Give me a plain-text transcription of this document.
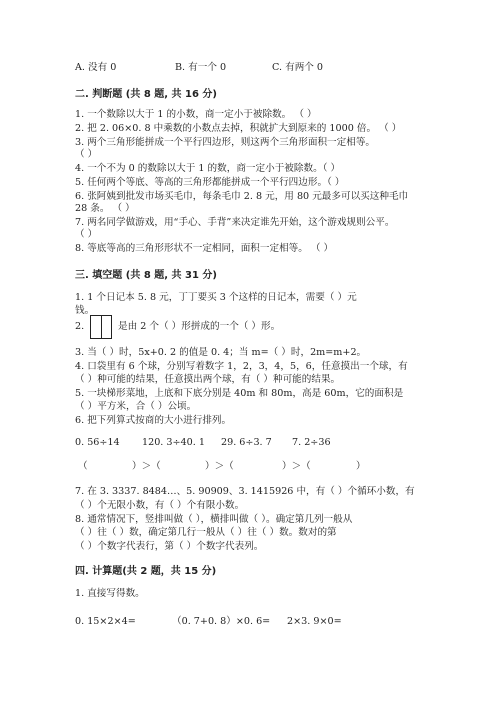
A. 没有 0	B. 有一个 0	C. 有两个 0
二. 判断题 (共 8 题, 共 16 分)
1. 一个数除以大于 1 的小数，商一定小于被除数。 （ ）
2. 把 2. 06×0. 8 中乘数的小数点去掉，积就扩大到原来的 1000 倍。 （ ）
3. 两个三角形能拼成一个平行四边形，则这两个三角形面积一定相等。
（ ）
4. 一个不为 0 的数除以大于 1 的数，商一定小于被除数。（ ）
5. 任何两个等底、等高的三角形都能拼成一个平行四边形。（ ）
6. 张阿姨到批发市场买毛巾，每条毛巾 2. 8 元，用 80 元最多可以买这种毛巾
28 条。 （ ）
7. 两名同学做游戏，用“手心、手背”来决定谁先开始，这个游戏规则公平。
（ ）
8. 等底等高的三角形形状不一定相同，面积一定相等。 （ ）
三. 填空题 (共 8 题, 共 31 分)
1. 1 个日记本 5. 8 元，丁丁要买 3 个这样的日记本，需要（ ）元
钱。
2.	是由 2 个（ ）形拼成的一个（ ）形。
3. 当（ ）时，5x+0. 2 的值是 0. 4；当 m=（ ）时，2m=m+2。
4. 口袋里有 6 个球，分别写着数字 1，2，3，4，5，6，任意摸出一个球，有
（ ）种可能的结果，任意摸出两个球，有（ ）种可能的结果。
5. 一块梯形菜地，上底和下底分别是 40m 和 80m，高是 60m，它的面积是
（ ）平方米，合（ ）公顷。
6. 把下列算式按商的大小进行排列。
0. 56÷14 120. 3÷40. 1 29. 6÷3. 7 7. 2÷36
（	）＞（	）＞（	）＞（	）
7. 在 3. 3337. 8484…、5. 90909、3. 1415926 中，有（ ）个循环小数，有
（ ）个无限小数，有（ ）个有限小数。
8. 通常情况下，竖排叫做（ ），横排叫做（ ）。确定第几列一般从
（ ）往（ ）数，确定第几行一般从（ ）往（ ）数。数对的第
（ ）个数字代表行，第（ ）个数字代表列。
四. 计算题(共 2 题，共 15 分)
1. 直接写得数。
0. 15×2×4=	（0. 7+0. 8）×0. 6= 2×3. 9×0=
